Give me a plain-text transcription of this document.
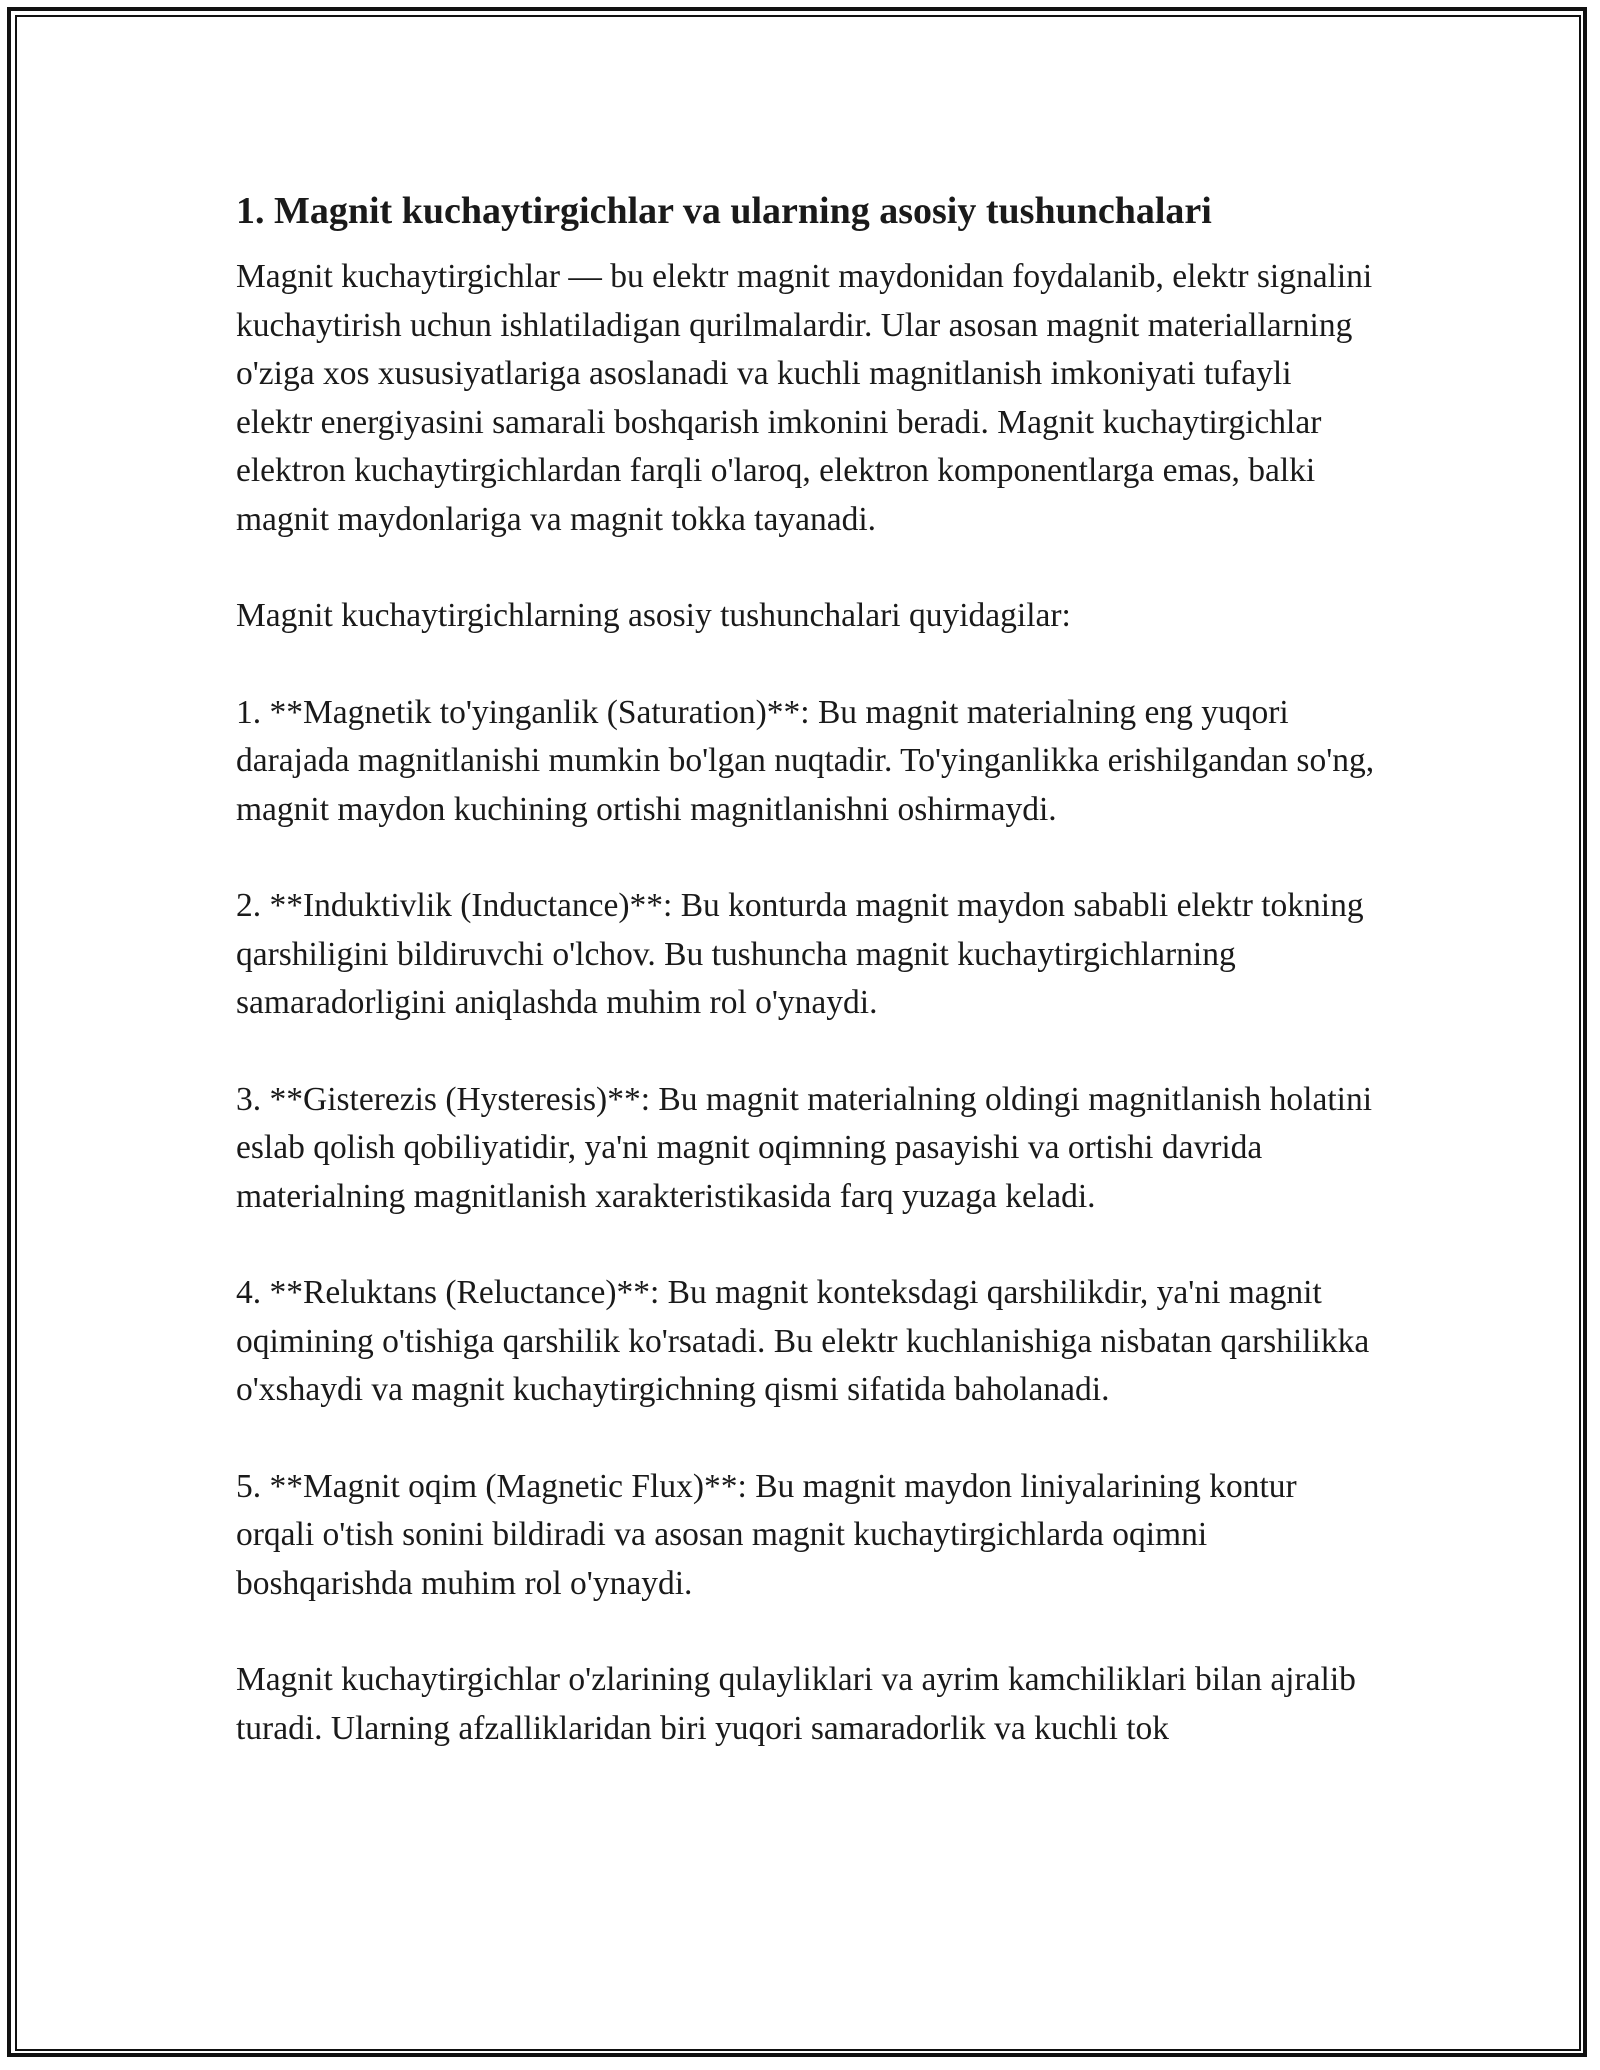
1. Magnit kuchaytirgichlar va ularning asosiy tushunchalari

Magnit kuchaytirgichlar — bu elektr magnit maydonidan foydalanib, elektr signalini kuchaytirish uchun ishlatiladigan qurilmalardir. Ular asosan magnit materiallarning o'ziga xos xususiyatlariga asoslanadi va kuchli magnitlanish imkoniyati tufayli elektr energiyasini samarali boshqarish imkonini beradi. Magnit kuchaytirgichlar elektron kuchaytirgichlardan farqli o'laroq, elektron komponentlarga emas, balki magnit maydonlariga va magnit tokka tayanadi.

Magnit kuchaytirgichlarning asosiy tushunchalari quyidagilar:

1. **Magnetik to'yinganlik (Saturation)**: Bu magnit materialning eng yuqori darajada magnitlanishi mumkin bo'lgan nuqtadir. To'yinganlikka erishilgandan so'ng, magnit maydon kuchining ortishi magnitlanishni oshirmaydi.

2. **Induktivlik (Inductance)**: Bu konturda magnit maydon sababli elektr tokning qarshiligini bildiruvchi o'lchov. Bu tushuncha magnit kuchaytirgichlarning samaradorligini aniqlashda muhim rol o'ynaydi.

3. **Gisterezis (Hysteresis)**: Bu magnit materialning oldingi magnitlanish holatini eslab qolish qobiliyatidir, ya'ni magnit oqimning pasayishi va ortishi davrida materialning magnitlanish xarakteristikasida farq yuzaga keladi.

4. **Reluktans (Reluctance)**: Bu magnit konteksdagi qarshilikdir, ya'ni magnit oqimining o'tishiga qarshilik ko'rsatadi. Bu elektr kuchlanishiga nisbatan qarshilikka o'xshaydi va magnit kuchaytirgichning qismi sifatida baholanadi.

5. **Magnit oqim (Magnetic Flux)**: Bu magnit maydon liniyalarining kontur orqali o'tish sonini bildiradi va asosan magnit kuchaytirgichlarda oqimni boshqarishda muhim rol o'ynaydi.

Magnit kuchaytirgichlar o'zlarining qulayliklari va ayrim kamchiliklari bilan ajralib turadi. Ularning afzalliklaridan biri yuqori samaradorlik va kuchli tok
